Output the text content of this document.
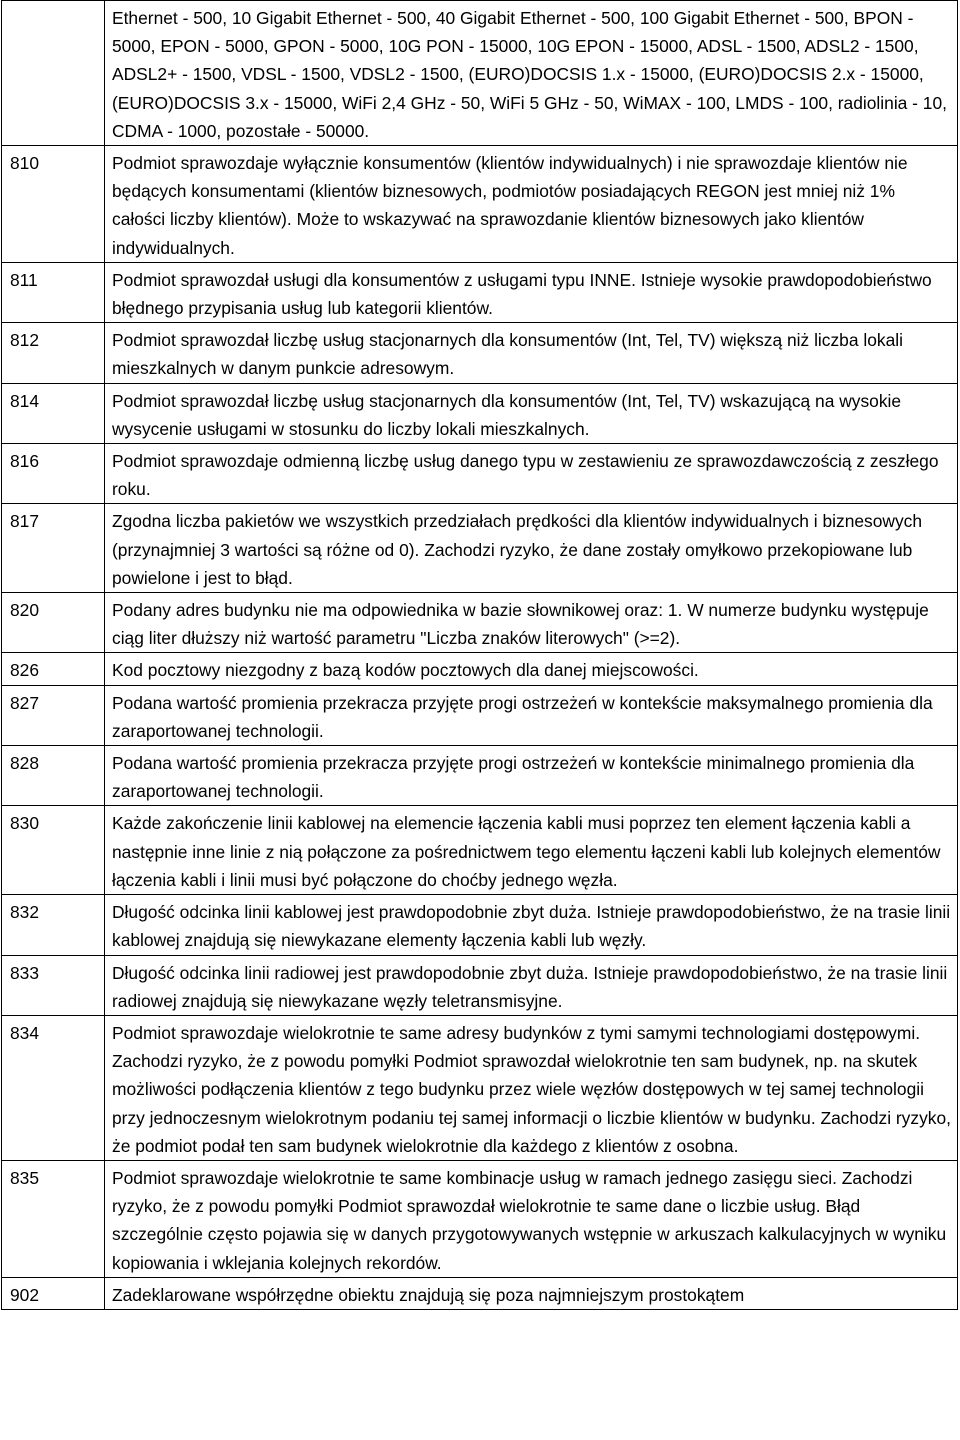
	Ethernet - 500, 10 Gigabit Ethernet - 500, 40 Gigabit Ethernet - 500, 100 Gigabit Ethernet - 500, BPON - 5000, EPON - 5000, GPON - 5000, 10G PON - 15000, 10G EPON - 15000, ADSL - 1500, ADSL2 - 1500, ADSL2+ - 1500, VDSL - 1500, VDSL2 - 1500, (EURO)DOCSIS 1.x - 15000, (EURO)DOCSIS 2.x - 15000, (EURO)DOCSIS 3.x - 15000, WiFi 2,4 GHz - 50, WiFi 5 GHz - 50, WiMAX - 100, LMDS - 100, radiolinia - 10, CDMA - 1000, pozostałe - 50000.
810	Podmiot sprawozdaje wyłącznie konsumentów (klientów indywidualnych) i nie sprawozdaje klientów nie będących konsumentami (klientów biznesowych, podmiotów posiadających REGON jest mniej niż 1% całości liczby klientów). Może to wskazywać na sprawozdanie klientów biznesowych jako klientów indywidualnych.
811	Podmiot sprawozdał usługi dla konsumentów z usługami typu INNE. Istnieje wysokie prawdopodobieństwo błędnego przypisania usług lub kategorii klientów.
812	Podmiot sprawozdał liczbę usług stacjonarnych dla konsumentów (Int, Tel, TV) większą niż liczba lokali mieszkalnych w danym punkcie adresowym.
814	Podmiot sprawozdał liczbę usług stacjonarnych dla konsumentów (Int, Tel, TV) wskazującą na wysokie wysycenie usługami w stosunku do liczby lokali mieszkalnych.
816	Podmiot sprawozdaje odmienną liczbę usług danego typu w zestawieniu ze sprawozdawczością z zeszłego roku.
817	Zgodna liczba pakietów we wszystkich przedziałach prędkości dla klientów indywidualnych i biznesowych (przynajmniej 3 wartości są różne od 0). Zachodzi ryzyko, że dane zostały omyłkowo przekopiowane lub powielone i jest to błąd.
820	Podany adres budynku nie ma odpowiednika w bazie słownikowej oraz: 1. W numerze budynku występuje ciąg liter dłuższy niż wartość parametru "Liczba znaków literowych" (>=2).
826	Kod pocztowy niezgodny z bazą kodów pocztowych dla danej miejscowości.
827	Podana wartość promienia przekracza przyjęte progi ostrzeżeń w kontekście maksymalnego promienia dla zaraportowanej technologii.
828	Podana wartość promienia przekracza przyjęte progi ostrzeżeń w kontekście minimalnego promienia dla zaraportowanej technologii.
830	Każde zakończenie linii kablowej na elemencie łączenia kabli musi poprzez ten element łączenia kabli a następnie inne linie z nią połączone za pośrednictwem tego elementu łączeni kabli lub kolejnych elementów łączenia kabli i linii musi być połączone do choćby jednego węzła.
832	Długość odcinka linii kablowej jest prawdopodobnie zbyt duża. Istnieje prawdopodobieństwo, że na trasie linii kablowej znajdują się niewykazane elementy łączenia kabli lub węzły.
833	Długość odcinka linii radiowej jest prawdopodobnie zbyt duża. Istnieje prawdopodobieństwo, że na trasie linii radiowej znajdują się niewykazane węzły teletransmisyjne.
834	Podmiot sprawozdaje wielokrotnie te same adresy budynków z tymi samymi technologiami dostępowymi. Zachodzi ryzyko, że z powodu pomyłki Podmiot sprawozdał wielokrotnie ten sam budynek, np. na skutek możliwości podłączenia klientów z tego budynku przez wiele węzłów dostępowych w tej samej technologii przy jednoczesnym wielokrotnym podaniu tej samej informacji o liczbie klientów w budynku. Zachodzi ryzyko, że podmiot podał ten sam budynek wielokrotnie dla każdego z klientów z osobna.
835	Podmiot sprawozdaje wielokrotnie te same kombinacje usług w ramach jednego zasięgu sieci. Zachodzi ryzyko, że z powodu pomyłki Podmiot sprawozdał wielokrotnie te same dane o liczbie usług. Błąd szczególnie często pojawia się w danych przygotowywanych wstępnie w arkuszach kalkulacyjnych w wyniku kopiowania i wklejania kolejnych rekordów.
902	Zadeklarowane współrzędne obiektu znajdują się poza najmniejszym prostokątem
